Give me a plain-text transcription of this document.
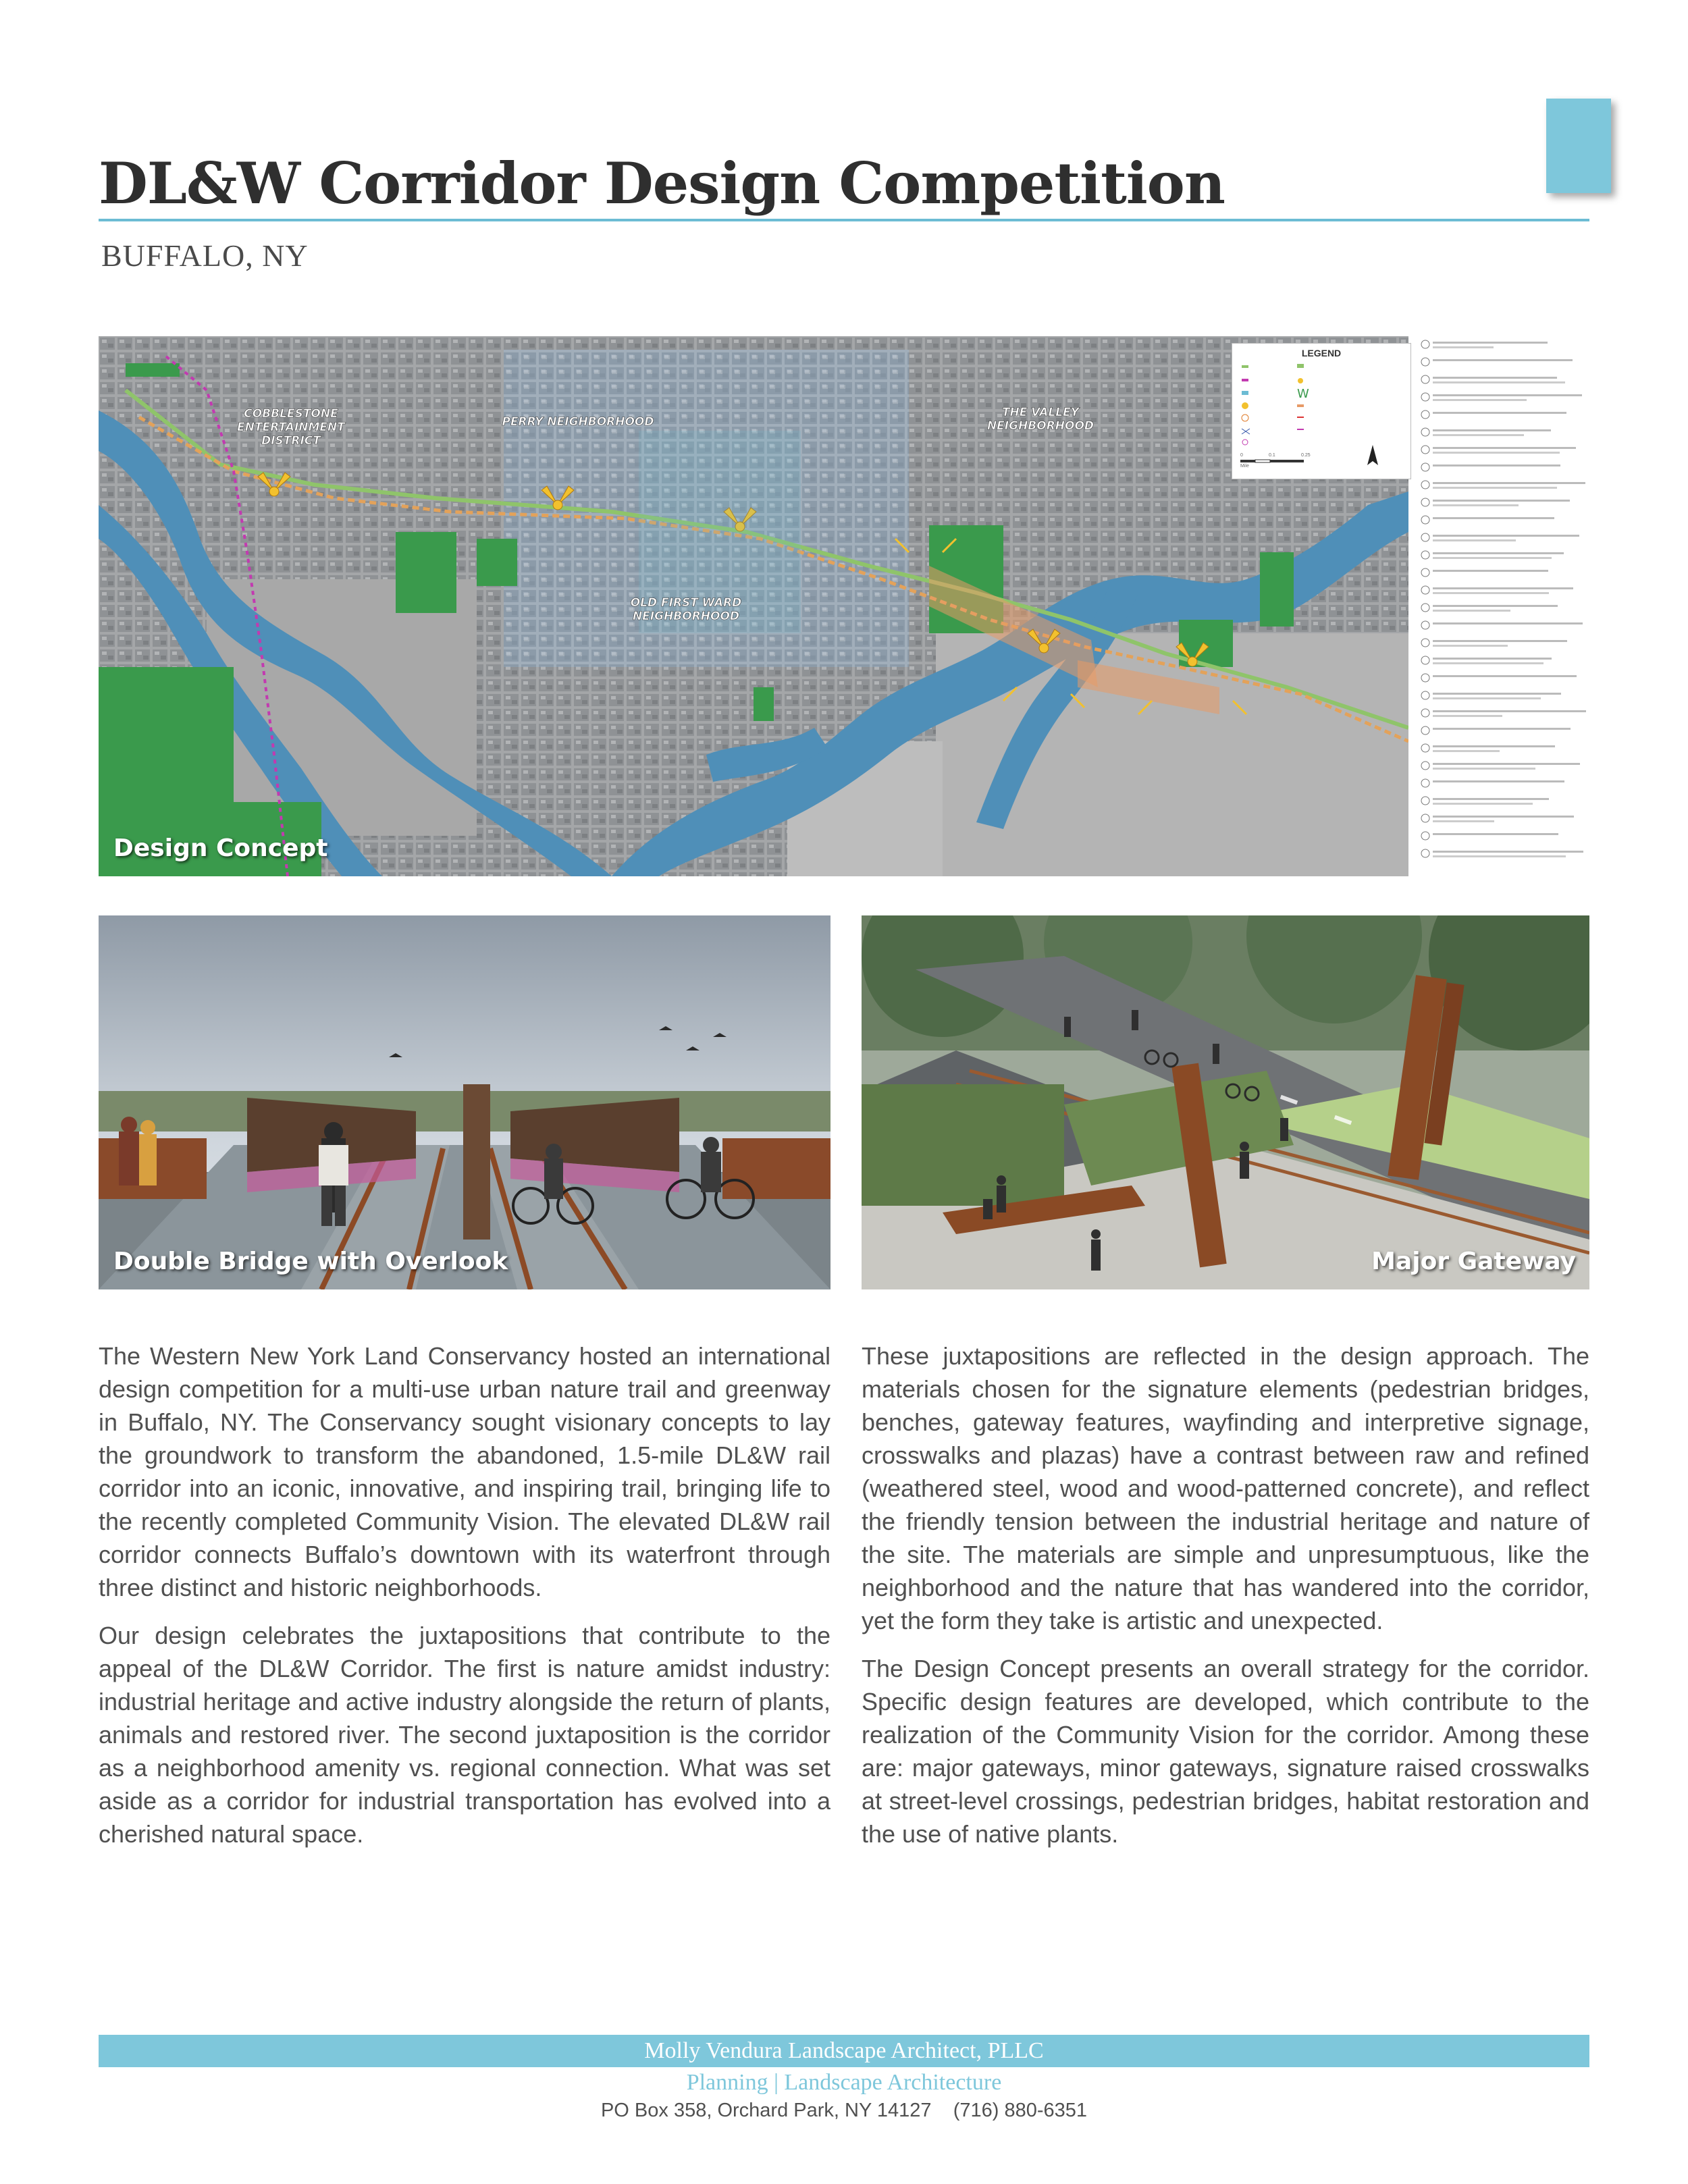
DL&W Corridor Design Competition
BUFFALO, NY
COBBLESTONE
ENTERTAINMENT
DISTRICT
PERRY NEIGHBORHOOD
THE VALLEY
NEIGHBORHOOD
OLD FIRST WARD
NEIGHBORHOOD
LEGEND
W
Mile
0	0.1	0.25
Design Concept
Double Bridge with Overlook	Major Gateway

The Western New York Land Conservancy hosted an international design competition for a multi-use urban nature trail and greenway in Buffalo, NY. The Conservancy sought visionary concepts to lay the groundwork to transform the abandoned, 1.5-mile DL&W rail corridor into an iconic, innovative, and inspiring trail, bringing life to the recently completed Community Vision. The elevated DL&W rail corridor connects Buffalo’s downtown with its waterfront through three distinct and historic neighborhoods.

Our design celebrates the juxtapositions that contribute to the appeal of the DL&W Corridor. The first is nature amidst industry: industrial heritage and active industry alongside the return of plants, animals and restored river. The second juxtaposition is the corridor as a neighborhood amenity vs. regional connection. What was set aside as a corridor for industrial transportation has evolved into a cherished natural space.

These juxtapositions are reflected in the design approach. The materials chosen for the signature elements (pedestrian bridges, benches, gateway features, wayfinding and interpretive signage, crosswalks and plazas) have a contrast between raw and refined (weathered steel, wood and wood-patterned concrete), and reflect the friendly tension between the industrial heritage and nature of the site. The materials are simple and unpresumptuous, like the neighborhood and the nature that has wandered into the corridor, yet the form they take is artistic and unexpected.

The Design Concept presents an overall strategy for the corridor. Specific design features are developed, which contribute to the realization of the Community Vision for the corridor. Among these are: major gateways, minor gateways, signature raised crosswalks at street-level crossings, pedestrian bridges, habitat restoration and the use of native plants.

Molly Vendura Landscape Architect, PLLC
Planning | Landscape Architecture
PO Box 358, Orchard Park, NY 14127    (716) 880-6351
